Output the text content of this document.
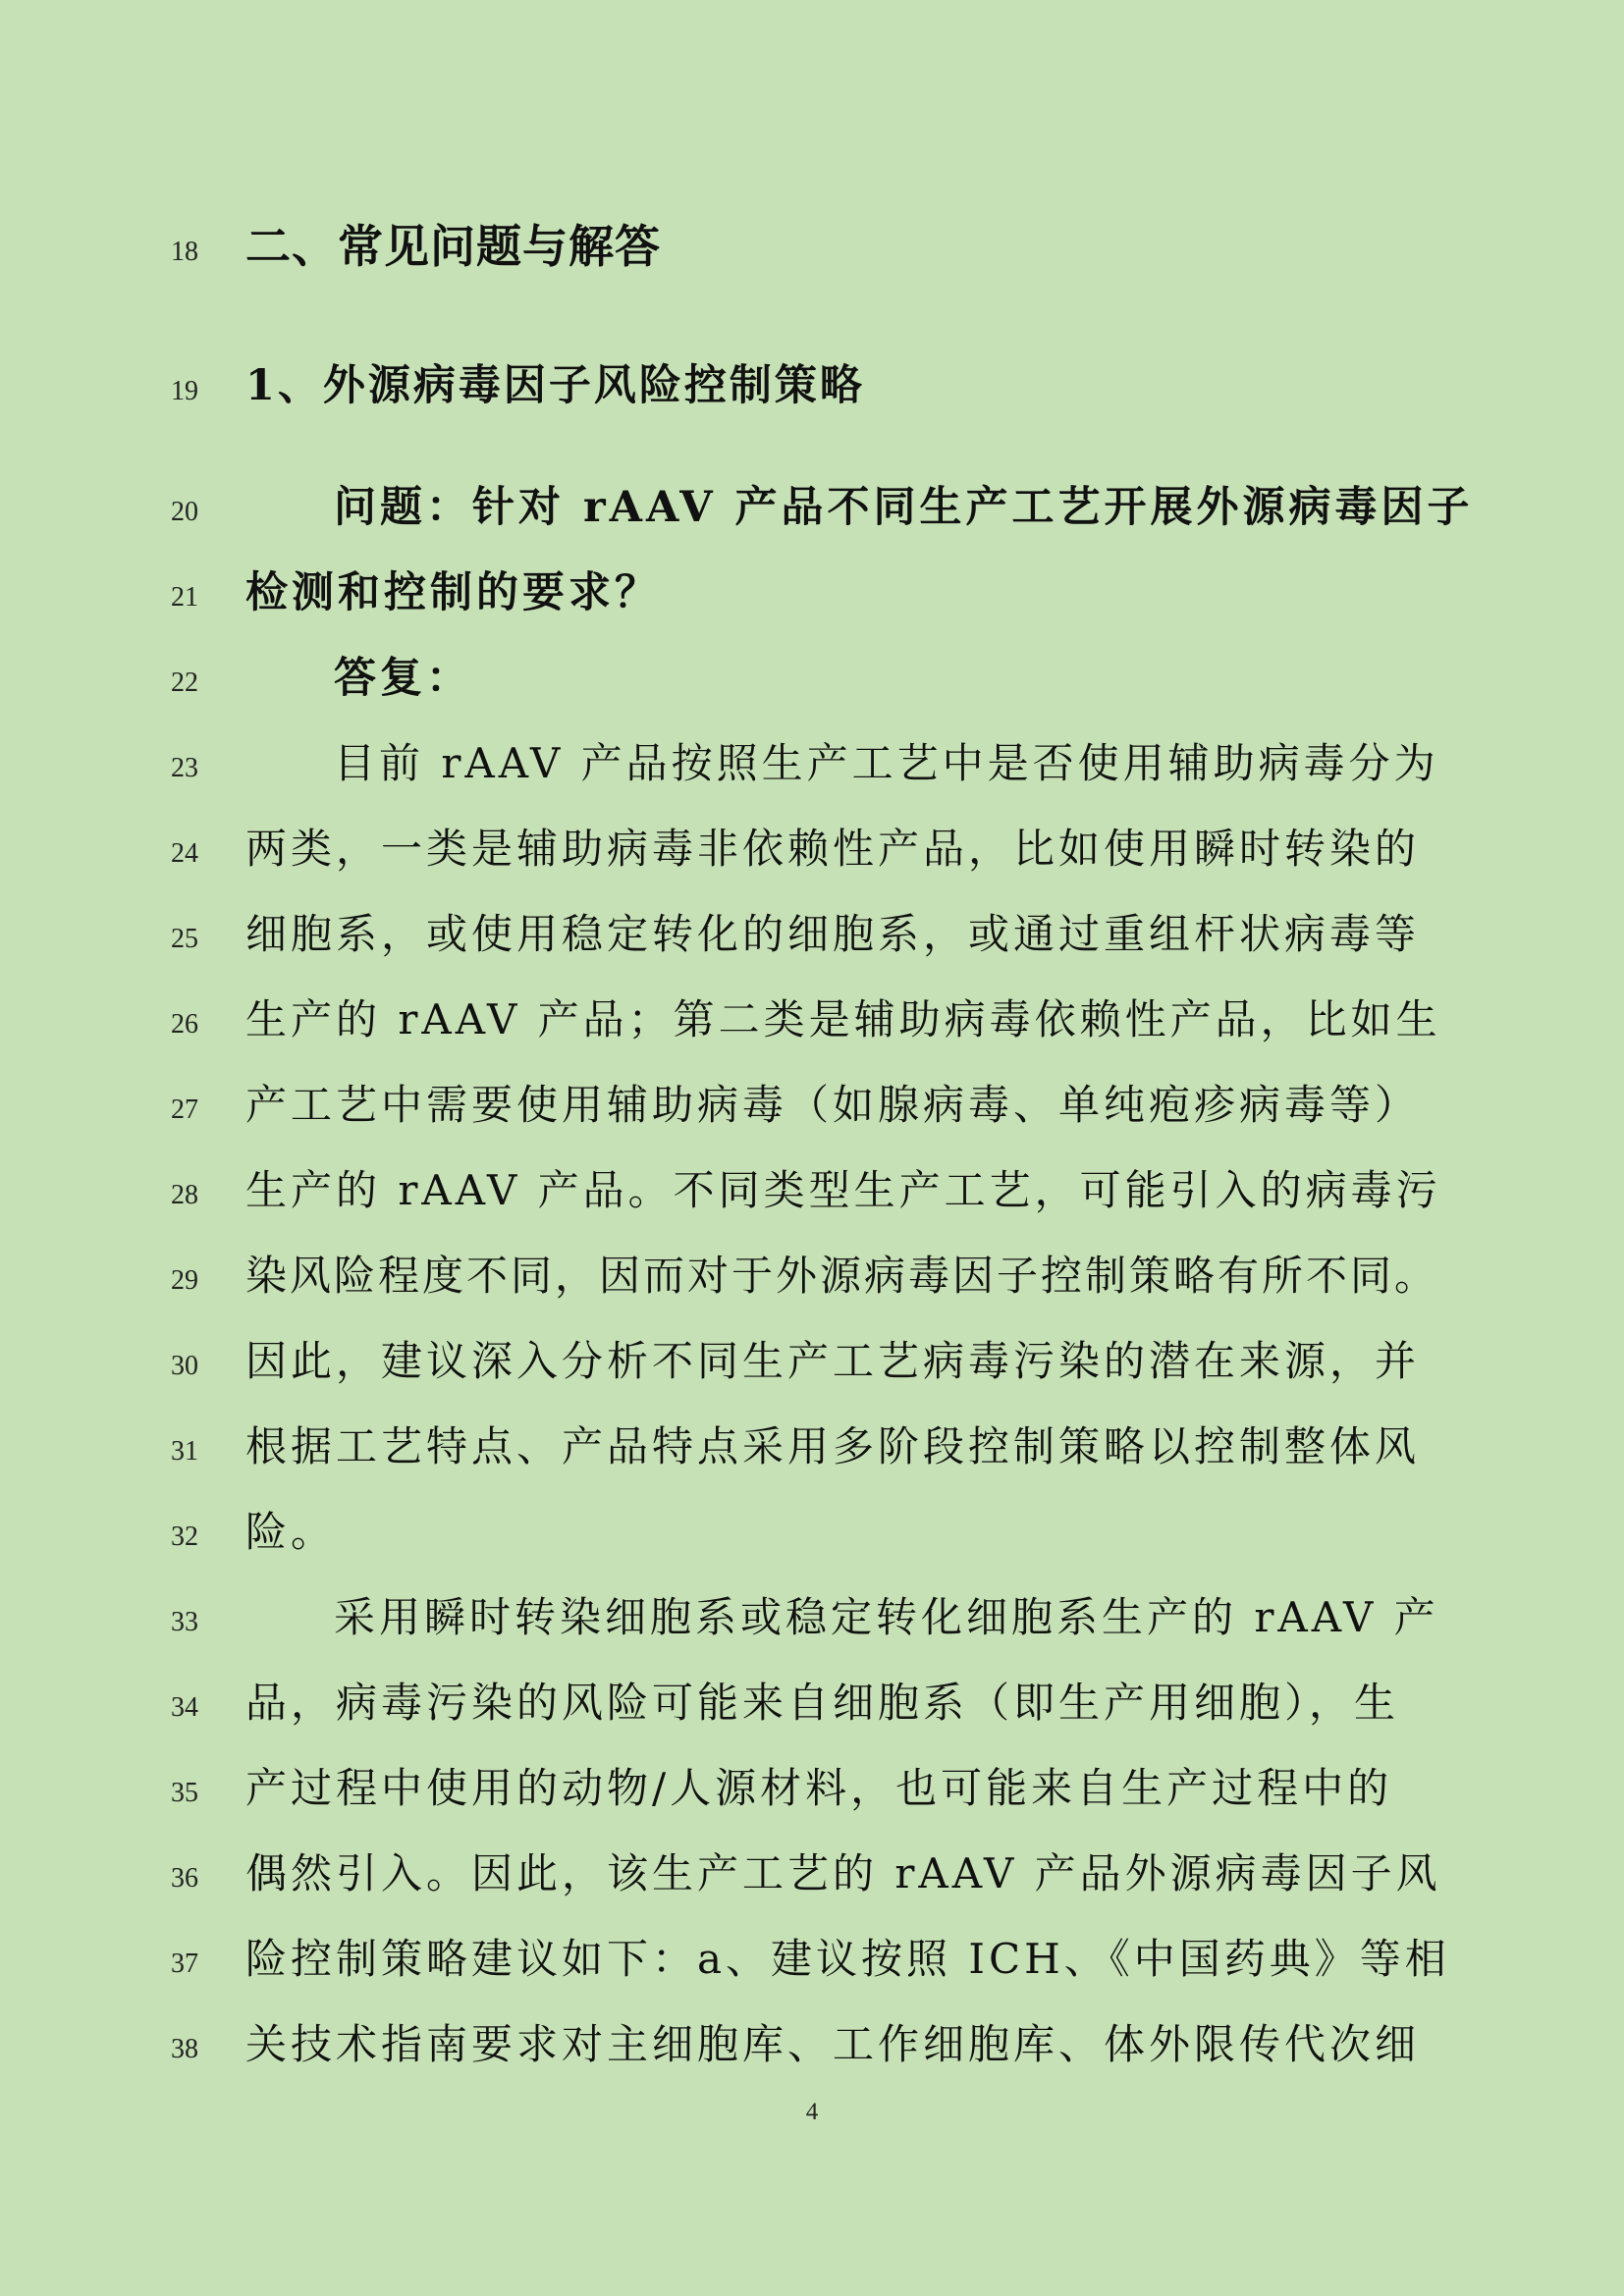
18
19
20
21
22
23
24
25
26
27
28
29
30
31
32
33
34
35
36
37
38
二、常见问题与解答
1、外源病毒因子风险控制策略
问题：针对 rAAV 产品不同生产工艺开展外源病毒因子
检测和控制的要求？
答复：
目前 rAAV 产品按照生产工艺中是否使用辅助病毒分为
两类，一类是辅助病毒非依赖性产品，比如使用瞬时转染的
细胞系，或使用稳定转化的细胞系，或通过重组杆状病毒等
生产的 rAAV 产品；第二类是辅助病毒依赖性产品，比如生
产工艺中需要使用辅助病毒（如腺病毒、单纯疱疹病毒等）
生产的 rAAV 产品。不同类型生产工艺，可能引入的病毒污
染风险程度不同，因而对于外源病毒因子控制策略有所不同。
因此，建议深入分析不同生产工艺病毒污染的潜在来源，并
根据工艺特点、产品特点采用多阶段控制策略以控制整体风
险。
采用瞬时转染细胞系或稳定转化细胞系生产的 rAAV 产
品，病毒污染的风险可能来自细胞系（即生产用细胞），生
产过程中使用的动物/人源材料，也可能来自生产过程中的
偶然引入。因此，该生产工艺的 rAAV 产品外源病毒因子风
险控制策略建议如下：a、建议按照 ICH、《中国药典》等相
关技术指南要求对主细胞库、工作细胞库、体外限传代次细
4
